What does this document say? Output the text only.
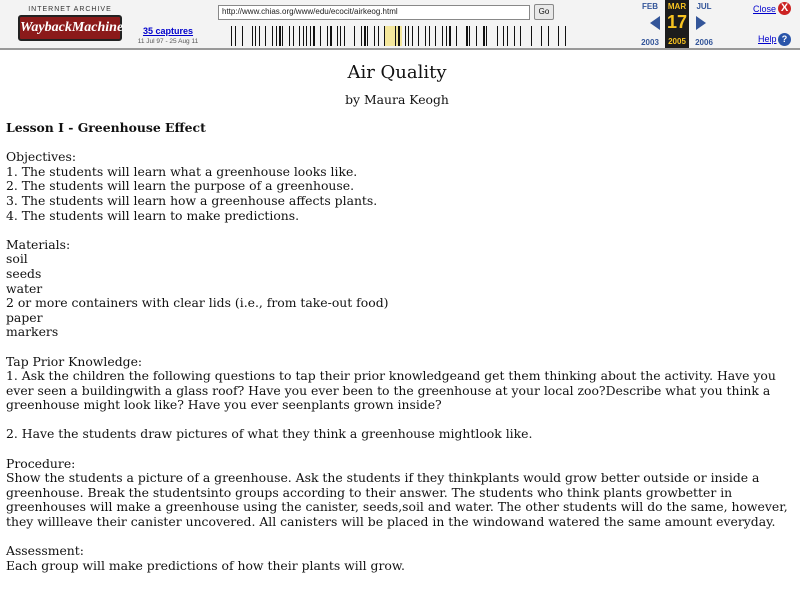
INTERNET ARCHIVE
WaybackMachine	35 captures
11 Jul 97 - 25 Aug 11
http://www.chias.org/www/edu/ecocit/airkeog.html	Go
FEB	MAR
17
2005
JUL
2003	2006
Close X
Help ?
Air Quality
by Maura Keogh
Lesson I - Greenhouse Effect
Objectives:
1. The students will learn what a greenhouse looks like.
2. The students will learn the purpose of a greenhouse.
3. The students will learn how a greenhouse affects plants.
4. The students will learn to make predictions.
Materials:
soil
seeds
water
2 or more containers with clear lids (i.e., from take-out food)
paper
markers
Tap Prior Knowledge:
1. Ask the children the following questions to tap their prior knowledgeand get them thinking about the activity. Have you ever seen a buildingwith a glass roof? Have you ever been to the greenhouse at your local zoo?Describe what you think a greenhouse might look like? Have you ever seenplants grown inside?
2. Have the students draw pictures of what they think a greenhouse mightlook like.
Procedure:
Show the students a picture of a greenhouse. Ask the students if they thinkplants would grow better outside or inside a greenhouse. Break the studentsinto groups according to their answer. The students who think plants growbetter in greenhouses will make a greenhouse using the canister, seeds,soil and water. The other students will do the same, however, they willleave their canister uncovered. All canisters will be placed in the windowand watered the same amount everyday.
Assessment:
Each group will make predictions of how their plants will grow.
